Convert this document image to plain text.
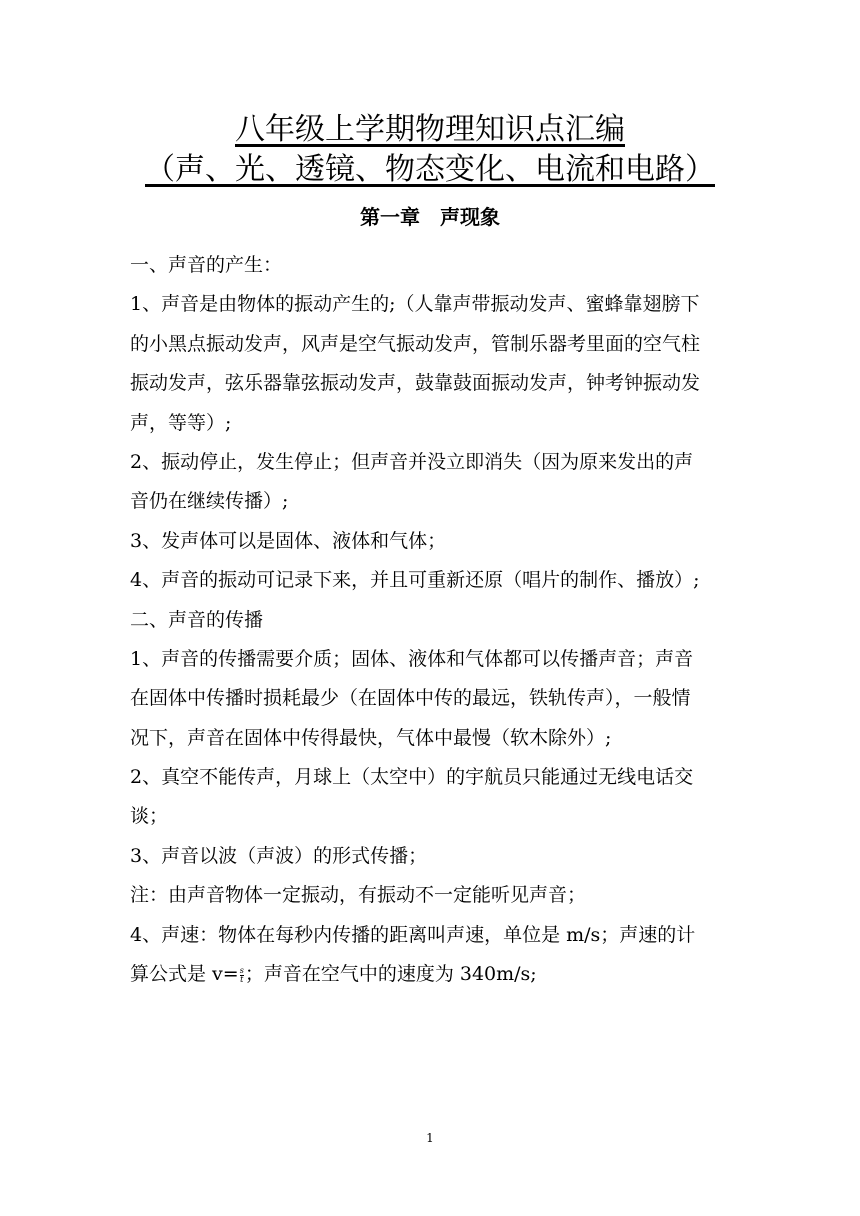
八年级上学期物理知识点汇编
（声、光、透镜、物态变化、电流和电路）
第一章　声现象
一、声音的产生：
1、声音是由物体的振动产生的;（人靠声带振动发声、蜜蜂靠翅膀下
的小黑点振动发声，风声是空气振动发声，管制乐器考里面的空气柱
振动发声，弦乐器靠弦振动发声，鼓靠鼓面振动发声，钟考钟振动发
声，等等）;
2、振动停止，发生停止；但声音并没立即消失（因为原来发出的声
音仍在继续传播）;
3、发声体可以是固体、液体和气体；
4、声音的振动可记录下来，并且可重新还原（唱片的制作、播放）;
二、声音的传播
1、声音的传播需要介质；固体、液体和气体都可以传播声音；声音
在固体中传播时损耗最少（在固体中传的最远，铁轨传声），一般情
况下，声音在固体中传得最快，气体中最慢（软木除外）;
2、真空不能传声，月球上（太空中）的宇航员只能通过无线电话交
谈；
3、声音以波（声波）的形式传播；
注：由声音物体一定振动，有振动不一定能听见声音；
4、声速：物体在每秒内传播的距离叫声速，单位是 m/s；声速的计
算公式是 $v= \frac{s}{t}$ ；声音在空气中的速度为 340m/s;
1
